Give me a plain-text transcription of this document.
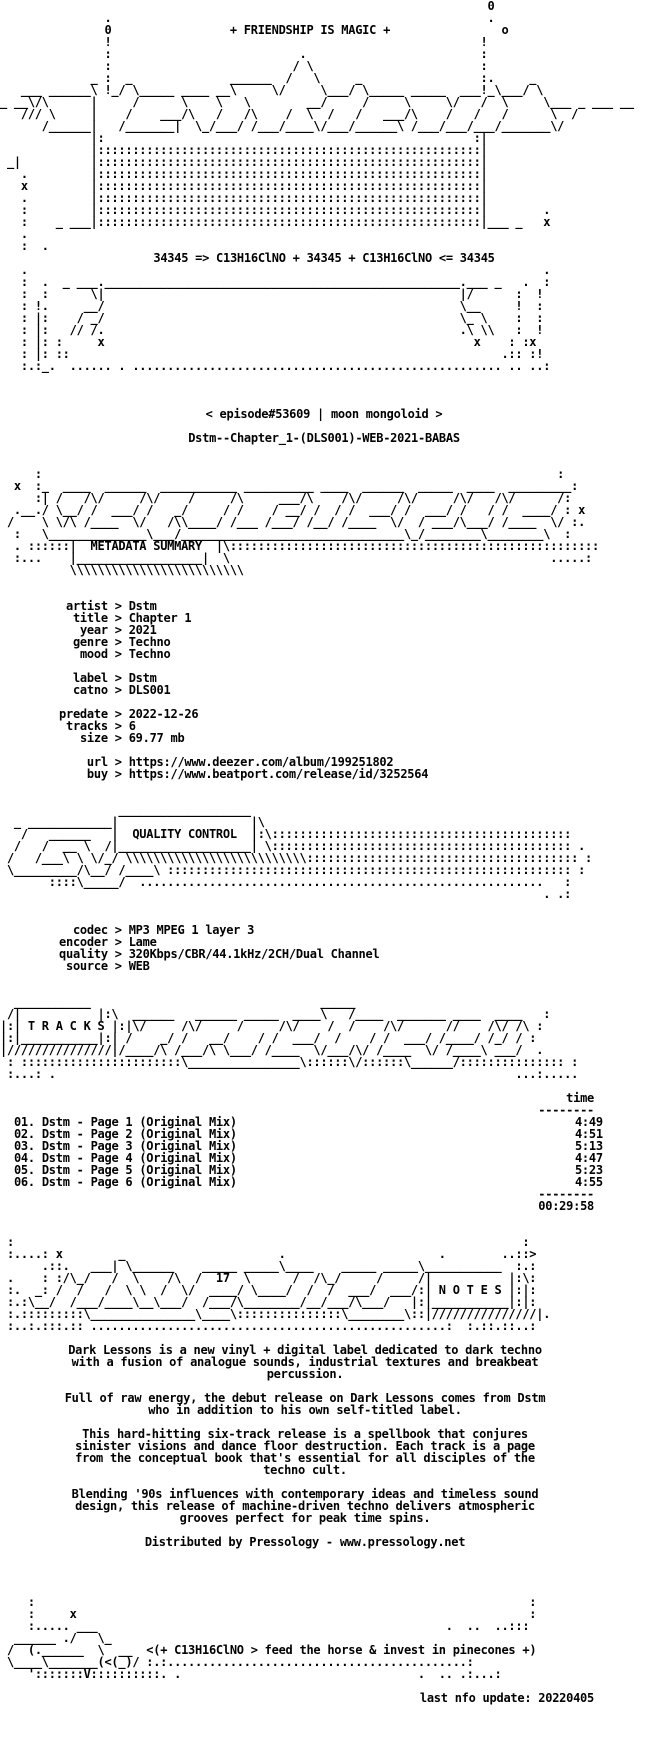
0
.                                                      .
0	+ FRIENDSHIP IS MAGIC +	o
!                                                     !
:                           .                         :
:                          / \                        :
_ :  _              ______  /   \     _                 :.     _
___ ______\ !_/ \_____ ____ __\     \/     \___/ \_____ _____  ___!_\___/ \
_ __\/\      |     /      \    \   \        __/     /     \     \/   /  \     \___ _ ___ __
/// \     |    /    ___/\   /   /\    /  \  /   /   ___/\    /   /   /      \  /
/______|   /_______|  \_/___/ /___/____\/___/______\ /___/___/___/_______\/
|:                                                     :|
|:::::::::::::::::::::::::::::::::::::::::::::::::::::::|
_|          |:::::::::::::::::::::::::::::::::::::::::::::::::::::::|
.         |:::::::::::::::::::::::::::::::::::::::::::::::::::::::|
x         |:::::::::::::::::::::::::::::::::::::::::::::::::::::::|
.         |:::::::::::::::::::::::::::::::::::::::::::::::::::::::|
:         |:::::::::::::::::::::::::::::::::::::::::::::::::::::::|        .
:    _ ___|:::::::::::::::::::::::::::::::::::::::::::::::::::::::|___ _   x
.
:  .
34345 => C13H16ClNO + 34345 + C13H16ClNO <= 34345
.                                                                          .
:  .  _ ___.___________________________________________________.___ _   .  :
:  :      \|                                                   |/      :  !
: !.     __/                                                   \__     !  :
: |:    / _/                                                   \_ \    :  :
: |:   // /.                                                   .\ \\   :  !
: |: :     x                                                     x    : :x
: |: ::                                                              .:: :!
:.:_.  ...... . ..................................................... .. ..:
< episode#53609 | moon mongoloid >
Dstm--Chapter_1-(DLS001)-WEB-2021-BABAS
:                                                                          :
x  :_  ____  ______  ___________ __________ ____  ______  _____  ____  _________:
:| /   /\/     /\/    /     /\     ___/\    /\/     /\/     /\/   /\/      /:
.__./ \__/ /  ___/ /   _/     / /    / __/ /  / /  ___/ /  ___/ /   / /  ____/ : x
/    \ \/\ /____  \/   /\\____/ /___ /___/ /__/ /____  \/  / ___/\___/ /____  \/ :.
:   \______________\___/________________________________\_/________\________\  :
. ::::::|  METADATA SUMMARY  |\:::::::::::::::::::::::::::::::::::::::::::::::::::::
:...    |__________________|  \                                              .....:
\\\\\\\\\\\\\\\\\\\\\\\\\
artist > Dstm
title > Chapter 1
year > 2021
genre > Techno
mood > Techno

label > Dstm
catno > DLS001

predate > 2022-12-26
tracks > 6
size > 69.77 mb

url > https://www.deezer.com/album/199251802
buy > https://www.beatport.com/release/id/3252564
___________________
_ ____________|                   |\
/   ______   |  QUALITY CONTROL  |:\:::::::::::::::::::::::::::::::::::::::::::
/   /  __ \  /|___________________| \::::::::::::::::::::::::::::::::::::::::::: .
/   /___\ \ \/_/ \\\\\\\\\\\\\\\\\\\\\\\\\\::::::::::::::::::::::::::::::::::::::: :
\_________/\__/ /____\ :::::::::::::::::::::::::::::::::::::::::::::::::::::::::: :
::::\_____/  ..........................................................   :
. .:
codec > MP3 MPEG 1 layer 3
encoder > Lame
quality > 320Kbps/CBR/44.1kHz/2CH/Dual Channel
source > WEB
___________                                 _____
/|           |:\  ______   ______ _____  ____\   /____  _______ ____  ____   :
|:| T R A C K S |:|\/     /\/     /     /\/    /  /    /\/      //    /\/ /\ :
|:|___________|:| /    _/ /   __/    / /  ___/  /    / /  ___/ /____/ /_/ / :
|///////////////|/____/\ /___/\ \___/ /____  \/___/\/ /____  \/ /____\ ___/  .
: :::::::::::::::::::::::\________________\::::::\/::::::\______/::::::::::::::: :
:...: .                                                                  ...:.....
time
--------
01. Dstm - Page 1 (Original Mix)	4:49
02. Dstm - Page 2 (Original Mix)	4:51
03. Dstm - Page 3 (Original Mix)	5:13
04. Dstm - Page 4 (Original Mix)	4:47
05. Dstm - Page 5 (Original Mix)	5:23
06. Dstm - Page 6 (Original Mix)	4:55
--------
00:29:58
:                                                                         :
:....: x        _                      .                      .        ..::>
.::.   ___| \______    _____ _____\____    _____ _____\___________  :.:
.    : :/\_/   /  \    /\  /  17  \      /  /\_/     /     /|           |:\:
:.  _: /  /   /  \ \  /  \/  ____/ \____/  /  /  ___/  ___/:| N O T E S |:|:
:.:\__/  /___/____\__\___/  /___/\________/__/___/\___/   |:|___________|:|:
:.:::::::::\_______________\____\:::::::::::::::\________\::|///////////////|.
:..:.:::.:: ...................................................:  :.::.::..:

Dark Lessons is a new vinyl + digital label dedicated to dark techno
with a fusion of analogue sounds, industrial textures and breakbeat
percussion.

Full of raw energy, the debut release on Dark Lessons comes from Dstm
who in addition to his own self-titled label.

This hard-hitting six-track release is a spellbook that conjures
sinister visions and dance floor destruction. Each track is a page
from the conceptual book that's essential for all disciples of the
techno cult.

Blending '90s influences with contemporary ideas and timeless sound
design, this release of machine-driven techno delivers atmospheric
grooves perfect for peak time spins.

Distributed by Pressology - www.pressology.net

:                                                                       :
:     x                                                                 :
:..... ___                                                  .  ..  ..:::
______ ./   \_
/  (.______  \  __  <(+ C13H16ClNO > feed the horse & invest in pinecones +)
\____\_______(<(_)/ :.:...........................................:
':::::::V::::::::::. .                                  .  .. .:...:
last nfo update: 20220405
